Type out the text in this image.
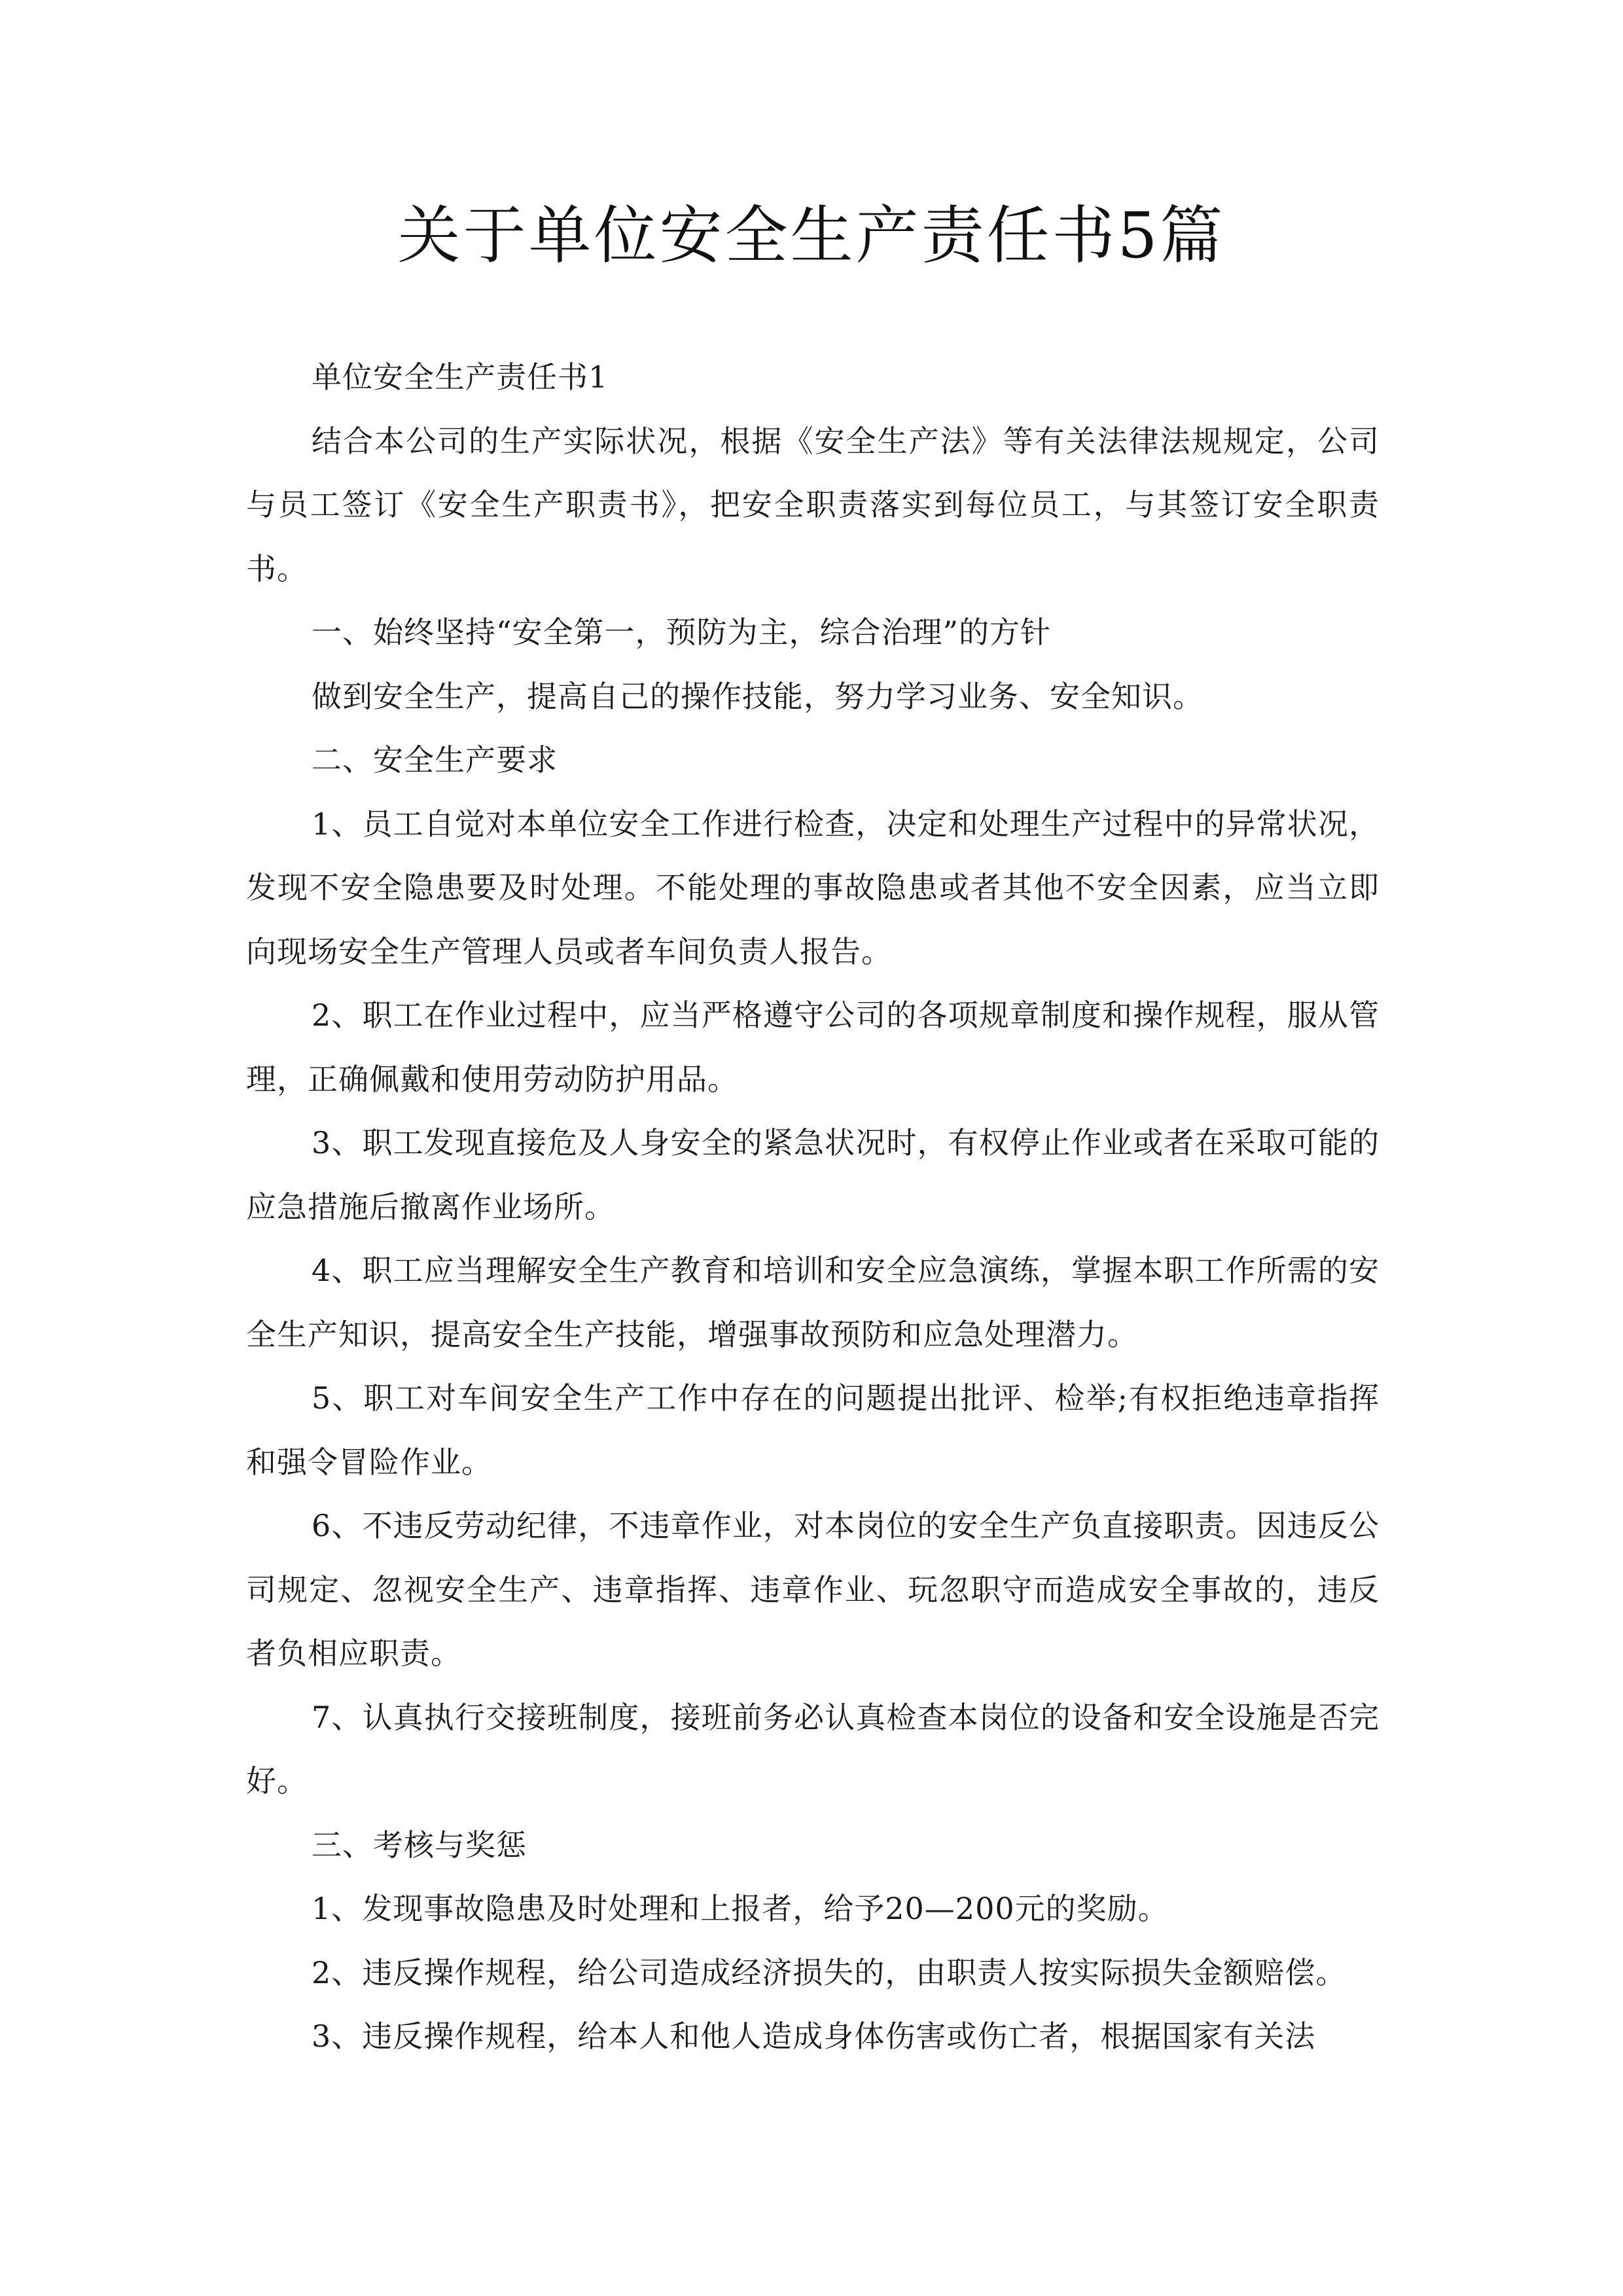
关于单位安全生产责任书5篇

单位安全生产责任书1

结合本公司的生产实际状况，根据《安全生产法》等有关法律法规规定，公司与员工签订《安全生产职责书》，把安全职责落实到每位员工，与其签订安全职责书。

一、始终坚持“安全第一，预防为主，综合治理”的方针

做到安全生产，提高自己的操作技能，努力学习业务、安全知识。

二、安全生产要求

1、员工自觉对本单位安全工作进行检查，决定和处理生产过程中的异常状况，发现不安全隐患要及时处理。不能处理的事故隐患或者其他不安全因素，应当立即向现场安全生产管理人员或者车间负责人报告。

2、职工在作业过程中，应当严格遵守公司的各项规章制度和操作规程，服从管理，正确佩戴和使用劳动防护用品。

3、职工发现直接危及人身安全的紧急状况时，有权停止作业或者在采取可能的应急措施后撤离作业场所。

4、职工应当理解安全生产教育和培训和安全应急演练，掌握本职工作所需的安全生产知识，提高安全生产技能，增强事故预防和应急处理潜力。

5、职工对车间安全生产工作中存在的问题提出批评、检举;有权拒绝违章指挥和强令冒险作业。

6、不违反劳动纪律，不违章作业，对本岗位的安全生产负直接职责。因违反公司规定、忽视安全生产、违章指挥、违章作业、玩忽职守而造成安全事故的，违反者负相应职责。

7、认真执行交接班制度，接班前务必认真检查本岗位的设备和安全设施是否完好。

三、考核与奖惩

1、发现事故隐患及时处理和上报者，给予20—200元的奖励。

2、违反操作规程，给公司造成经济损失的，由职责人按实际损失金额赔偿。

3、违反操作规程，给本人和他人造成身体伤害或伤亡者，根据国家有关法
